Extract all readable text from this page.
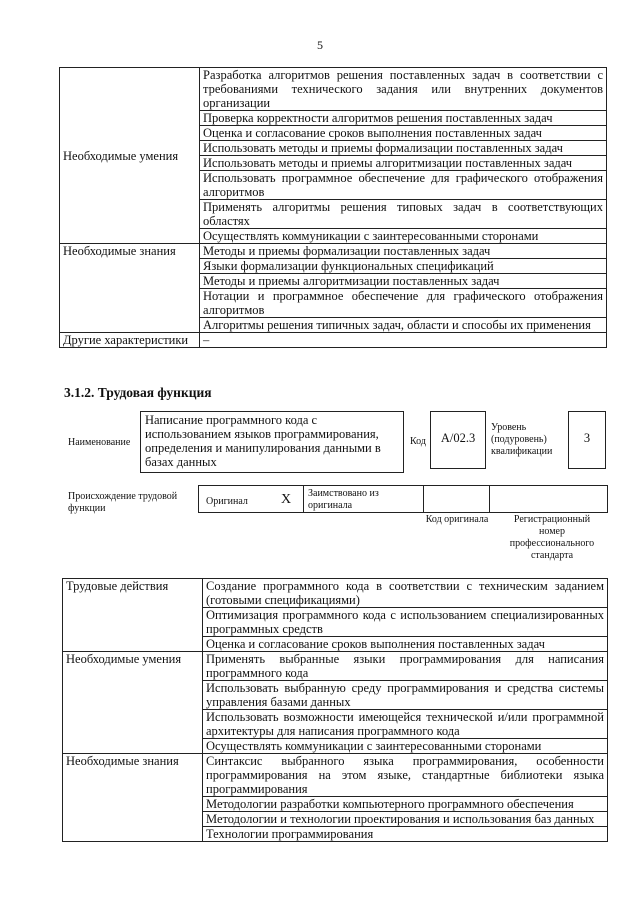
5
Необходимые умения	Разработка алгоритмов решения поставленных задач в соответствии с требованиями технического задания или внутренних документов организации
	Проверка корректности алгоритмов решения поставленных задач
	Оценка и согласование сроков выполнения поставленных задач
	Использовать методы и приемы формализации поставленных задач
	Использовать методы и приемы алгоритмизации поставленных задач
	Использовать программное обеспечение для графического отображения алгоритмов
	Применять алгоритмы решения типовых задач в соответствующих областях
	Осуществлять коммуникации с заинтересованными сторонами
Необходимые знания	Методы и приемы формализации поставленных задач
	Языки формализации функциональных спецификаций
	Методы и приемы алгоритмизации поставленных задач
	Нотации и программное обеспечение для графического отображения алгоритмов
	Алгоритмы решения типичных задач, области и способы их применения
Другие характеристики	–
3.1.2. Трудовая функция
Наименование
Написание программного кода с использованием языков программирования, определения и манипулирования данными в базах данных
Код	A/02.3
Уровень (подуровень) квалификации
3
Происхождение трудовой функции
Оригинал X Заимствовано из оригинала
Код оригинала	Регистрационный номер профессионального стандарта
Трудовые действия	Создание программного кода в соответствии с техническим заданием (готовыми спецификациями)
	Оптимизация программного кода с использованием специализированных программных средств
	Оценка и согласование сроков выполнения поставленных задач
Необходимые умения	Применять выбранные языки программирования для написания программного кода
	Использовать выбранную среду программирования и средства системы управления базами данных
	Использовать возможности имеющейся технической и/или программной архитектуры для написания программного кода
	Осуществлять коммуникации с заинтересованными сторонами
Необходимые знания	Синтаксис выбранного языка программирования, особенности программирования на этом языке, стандартные библиотеки языка программирования
	Методологии разработки компьютерного программного обеспечения
	Методологии и технологии проектирования и использования баз данных
	Технологии программирования
